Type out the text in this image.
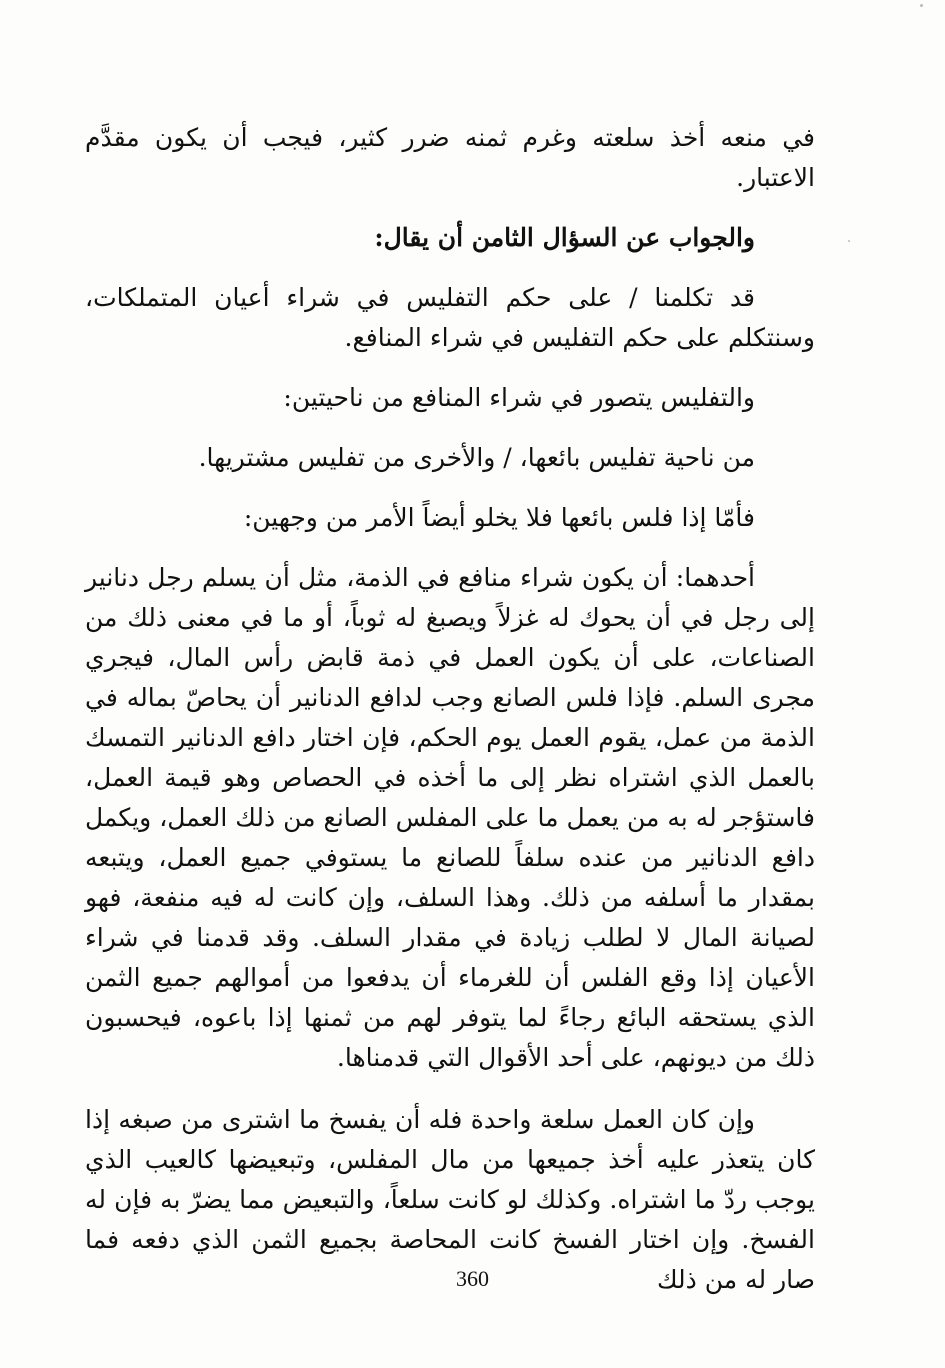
في منعه أخذ سلعته وغرم ثمنه ضرر كثير، فيجب أن يكون مقدَّم الاعتبار.

والجواب عن السؤال الثامن أن يقال:

قد تكلمنا / على حكم التفليس في شراء أعيان المتملكات، وسنتكلم على حكم التفليس في شراء المنافع.

والتفليس يتصور في شراء المنافع من ناحيتين:

من ناحية تفليس بائعها، / والأخرى من تفليس مشتريها.

فأمّا إذا فلس بائعها فلا يخلو أيضاً الأمر من وجهين:

أحدهما: أن يكون شراء منافع في الذمة، مثل أن يسلم رجل دنانير إلى رجل في أن يحوك له غزلاً ويصبغ له ثوباً، أو ما في معنى ذلك من الصناعات، على أن يكون العمل في ذمة قابض رأس المال، فيجري مجرى السلم. فإذا فلس الصانع وجب لدافع الدنانير أن يحاصّ بماله في الذمة من عمل، يقوم العمل يوم الحكم، فإن اختار دافع الدنانير التمسك بالعمل الذي اشتراه نظر إلى ما أخذه في الحصاص وهو قيمة العمل، فاستؤجر له به من يعمل ما على المفلس الصانع من ذلك العمل، ويكمل دافع الدنانير من عنده سلفاً للصانع ما يستوفي جميع العمل، ويتبعه بمقدار ما أسلفه من ذلك. وهذا السلف، وإن كانت له فيه منفعة، فهو لصيانة المال لا لطلب زيادة في مقدار السلف. وقد قدمنا في شراء الأعيان إذا وقع الفلس أن للغرماء أن يدفعوا من أموالهم جميع الثمن الذي يستحقه البائع رجاءً لما يتوفر لهم من ثمنها إذا باعوه، فيحسبون ذلك من ديونهم، على أحد الأقوال التي قدمناها.

وإن كان العمل سلعة واحدة فله أن يفسخ ما اشترى من صبغه إذا كان يتعذر عليه أخذ جميعها من مال المفلس، وتبعيضها كالعيب الذي يوجب ردّ ما اشتراه. وكذلك لو كانت سلعاً، والتبعيض مما يضرّ به فإن له الفسخ. وإن اختار الفسخ كانت المحاصة بجميع الثمن الذي دفعه فما صار له من ذلك

360
